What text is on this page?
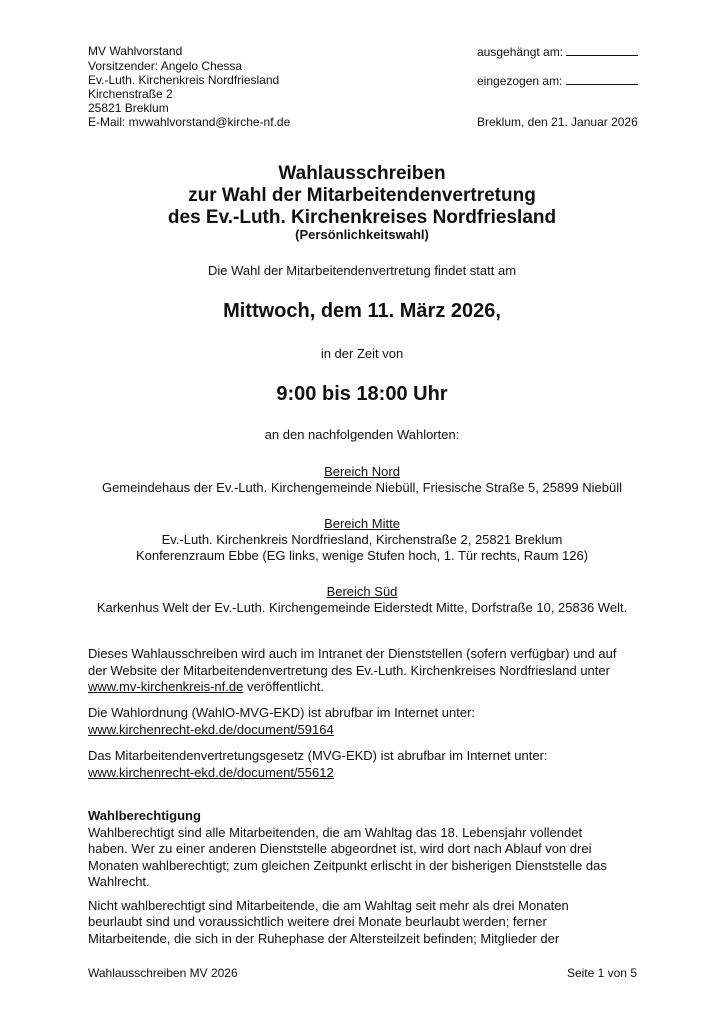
MV Wahlvorstand
Vorsitzender: Angelo Chessa
Ev.-Luth. Kirchenkreis Nordfriesland
Kirchenstraße 2
25821 Breklum
E-Mail: mvwahlvorstand@kirche-nf.de
ausgehängt am:
eingezogen am:
Breklum, den 21. Januar 2026
Wahlausschreiben
zur Wahl der Mitarbeitendenvertretung
des Ev.-Luth. Kirchenkreises Nordfriesland
(Persönlichkeitswahl)
Die Wahl der Mitarbeitendenvertretung findet statt am
Mittwoch, dem 11. März 2026,
in der Zeit von
9:00 bis 18:00 Uhr
an den nachfolgenden Wahlorten:
Bereich Nord
Gemeindehaus der Ev.-Luth. Kirchengemeinde Niebüll, Friesische Straße 5, 25899 Niebüll
Bereich Mitte
Ev.-Luth. Kirchenkreis Nordfriesland, Kirchenstraße 2, 25821 Breklum
Konferenzraum Ebbe (EG links, wenige Stufen hoch, 1. Tür rechts, Raum 126)
Bereich Süd
Karkenhus Welt der Ev.-Luth. Kirchengemeinde Eiderstedt Mitte, Dorfstraße 10, 25836 Welt.
Dieses Wahlausschreiben wird auch im Intranet der Dienststellen (sofern verfügbar) und auf
der Website der Mitarbeitendenvertretung des Ev.-Luth. Kirchenkreises Nordfriesland unter
www.mv-kirchenkreis-nf.de veröffentlicht.
Die Wahlordnung (WahlO-MVG-EKD) ist abrufbar im Internet unter:
www.kirchenrecht-ekd.de/document/59164
Das Mitarbeitendenvertretungsgesetz (MVG-EKD) ist abrufbar im Internet unter:
www.kirchenrecht-ekd.de/document/55612
Wahlberechtigung
Wahlberechtigt sind alle Mitarbeitenden, die am Wahltag das 18. Lebensjahr vollendet
haben. Wer zu einer anderen Dienststelle abgeordnet ist, wird dort nach Ablauf von drei
Monaten wahlberechtigt; zum gleichen Zeitpunkt erlischt in der bisherigen Dienststelle das
Wahlrecht.
Nicht wahlberechtigt sind Mitarbeitende, die am Wahltag seit mehr als drei Monaten
beurlaubt sind und voraussichtlich weitere drei Monate beurlaubt werden; ferner
Mitarbeitende, die sich in der Ruhephase der Altersteilzeit befinden; Mitglieder der
Wahlausschreiben MV 2026	Seite 1 von 5
